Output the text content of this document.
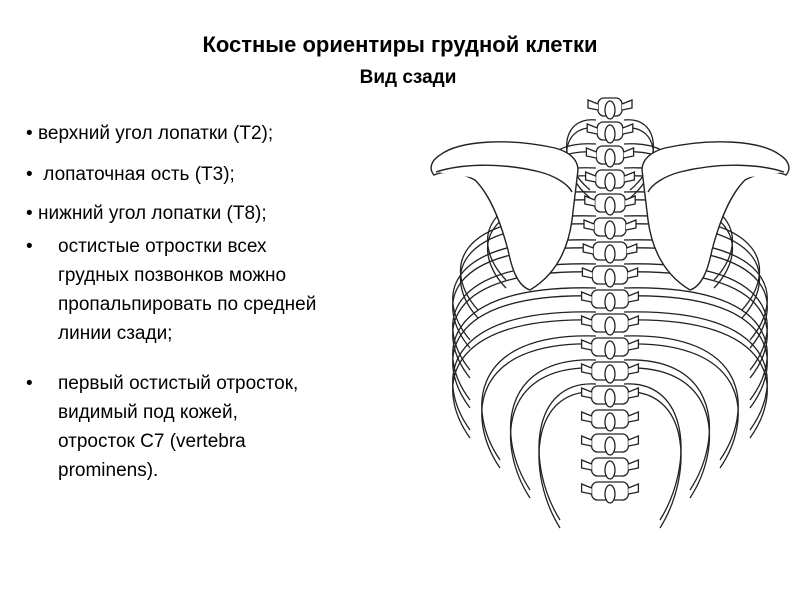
Костные ориентиры грудной клетки
Вид сзади
• верхний угол лопатки (Т2);
• лопаточная ость (Т3);
• нижний угол лопатки (Т8);
• остистые отростки всех
грудных позвонков можно
пропальпировать по средней
линии сзади;
• первый остистый отросток,
видимый под кожей,
отросток С7 (vertebra
prominens).
